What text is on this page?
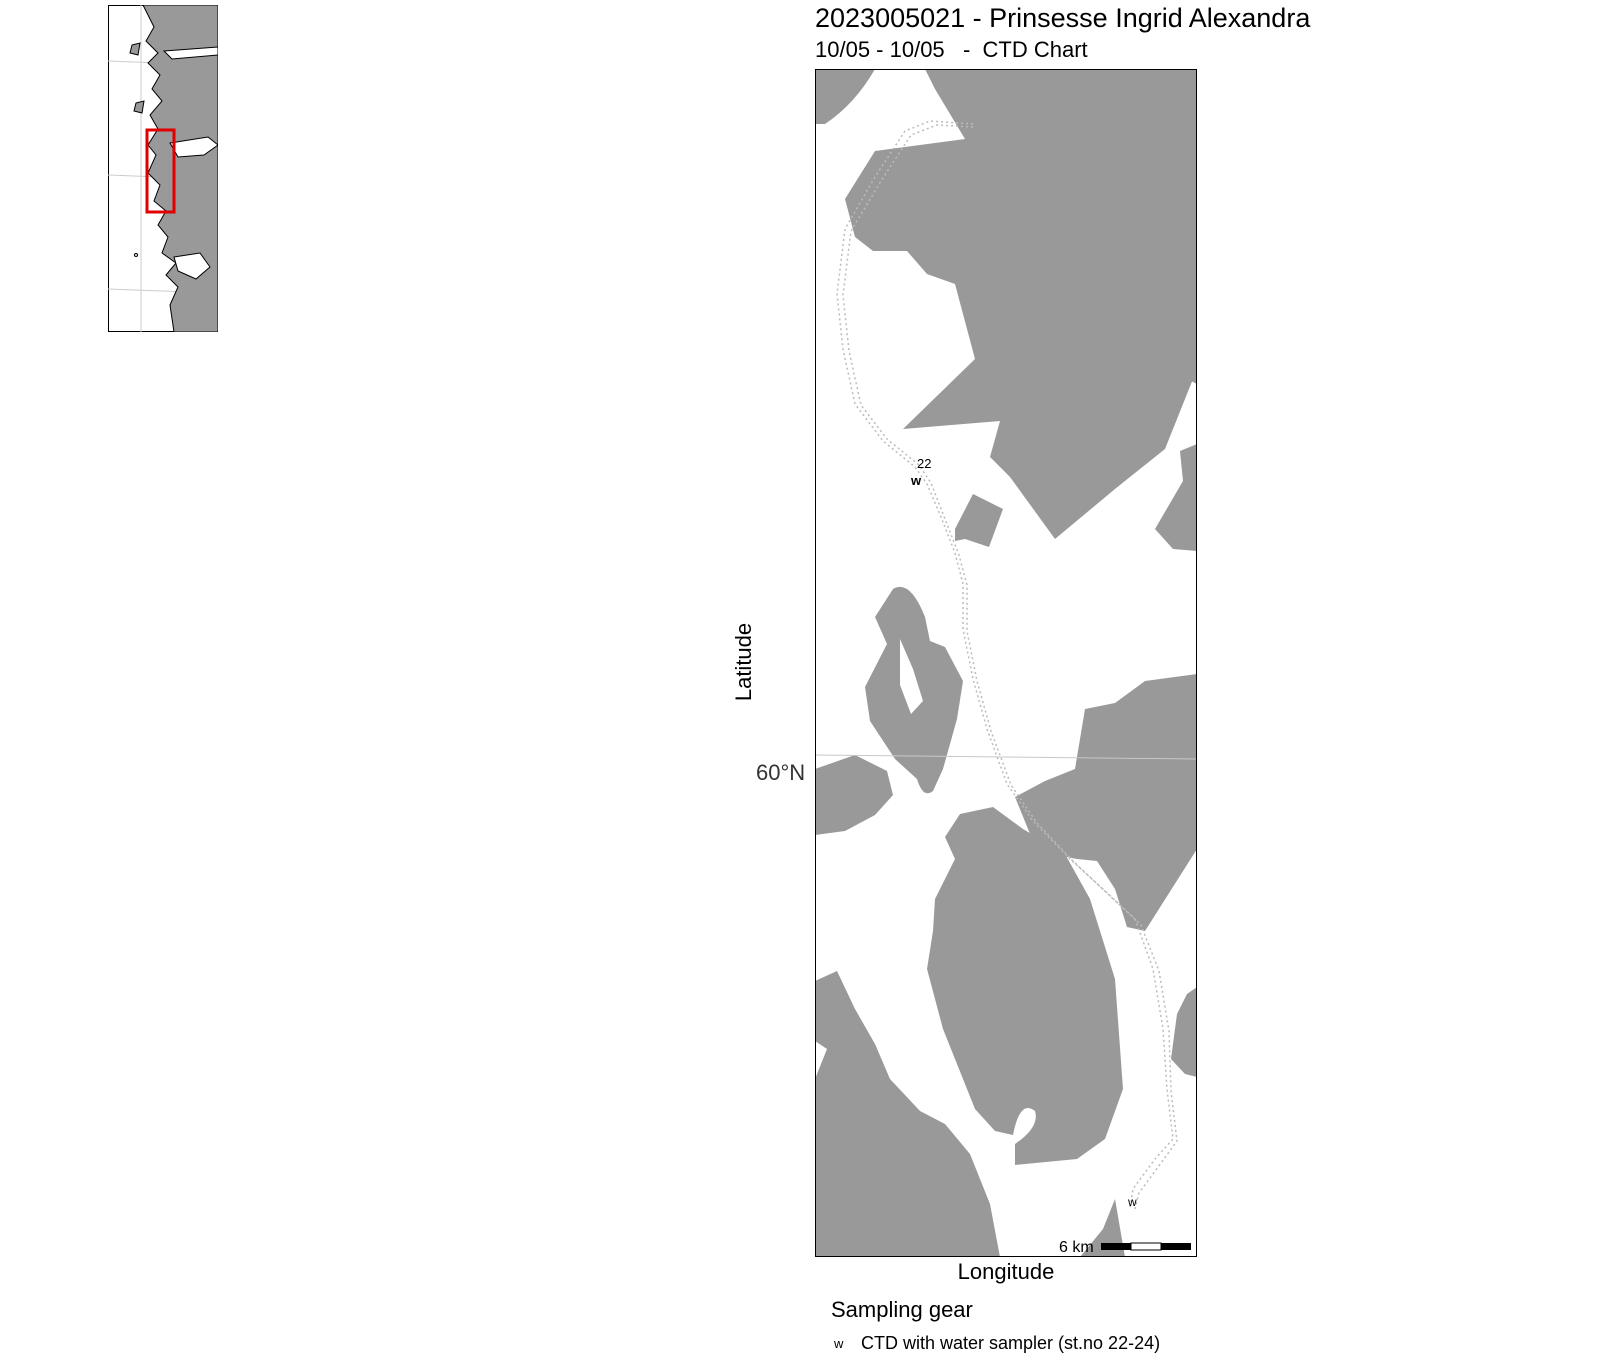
2023005021 - Prinsesse Ingrid Alexandra
10/05 - 10/05   -  CTD Chart
Latitude
60°N
22
w
w
6 km
Longitude
Sampling gear
w CTD with water sampler (st.no 22-24)
